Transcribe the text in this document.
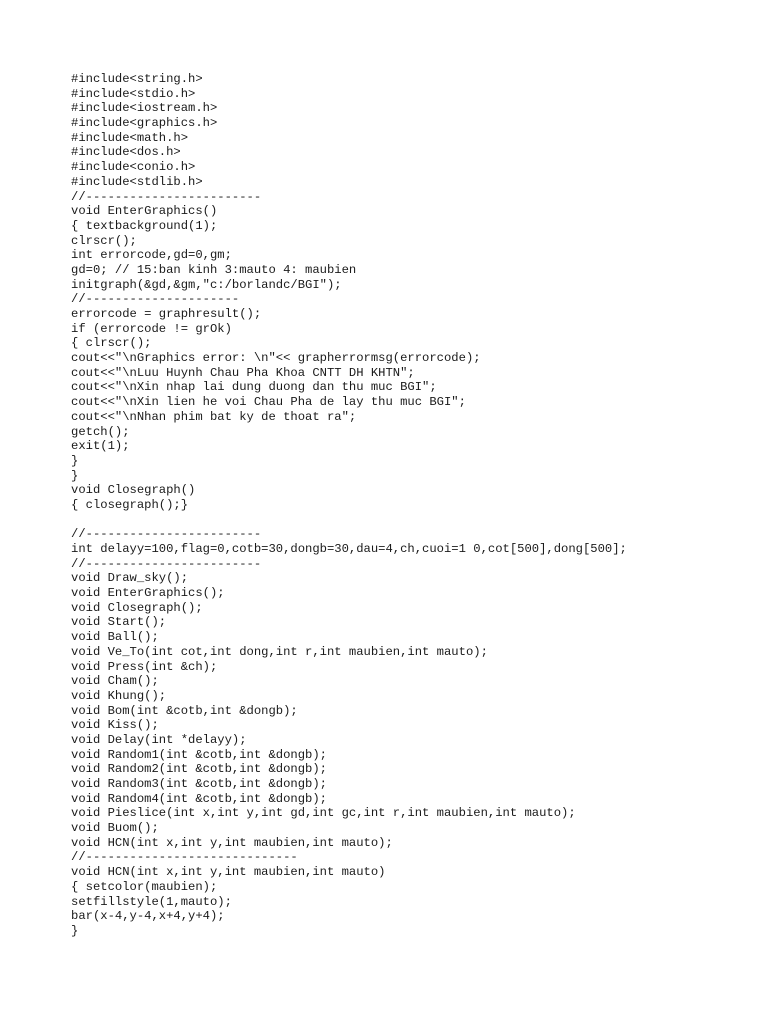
#include<string.h>
#include<stdio.h>
#include<iostream.h>
#include<graphics.h>
#include<math.h>
#include<dos.h>
#include<conio.h>
#include<stdlib.h>
//------------------------
void EnterGraphics()
{ textbackground(1);
clrscr();
int errorcode,gd=0,gm;
gd=0; // 15:ban kinh 3:mauto 4: maubien
initgraph(&gd,&gm,"c:/borlandc/BGI");
//---------------------
errorcode = graphresult();
if (errorcode != grOk)
{ clrscr();
cout<<"\nGraphics error: \n"<< grapherrormsg(errorcode);
cout<<"\nLuu Huynh Chau Pha Khoa CNTT DH KHTN";
cout<<"\nXin nhap lai dung duong dan thu muc BGI";
cout<<"\nXin lien he voi Chau Pha de lay thu muc BGI";
cout<<"\nNhan phim bat ky de thoat ra";
getch();
exit(1);
}
}
void Closegraph()
{ closegraph();}
//------------------------
int delayy=100,flag=0,cotb=30,dongb=30,dau=4,ch,cuoi=1 0,cot[500],dong[500];
//------------------------
void Draw_sky();
void EnterGraphics();
void Closegraph();
void Start();
void Ball();
void Ve_To(int cot,int dong,int r,int maubien,int mauto);
void Press(int &ch);
void Cham();
void Khung();
void Bom(int &cotb,int &dongb);
void Kiss();
void Delay(int *delayy);
void Random1(int &cotb,int &dongb);
void Random2(int &cotb,int &dongb);
void Random3(int &cotb,int &dongb);
void Random4(int &cotb,int &dongb);
void Pieslice(int x,int y,int gd,int gc,int r,int maubien,int mauto);
void Buom();
void HCN(int x,int y,int maubien,int mauto);
//-----------------------------
void HCN(int x,int y,int maubien,int mauto)
{ setcolor(maubien);
setfillstyle(1,mauto);
bar(x-4,y-4,x+4,y+4);
}
